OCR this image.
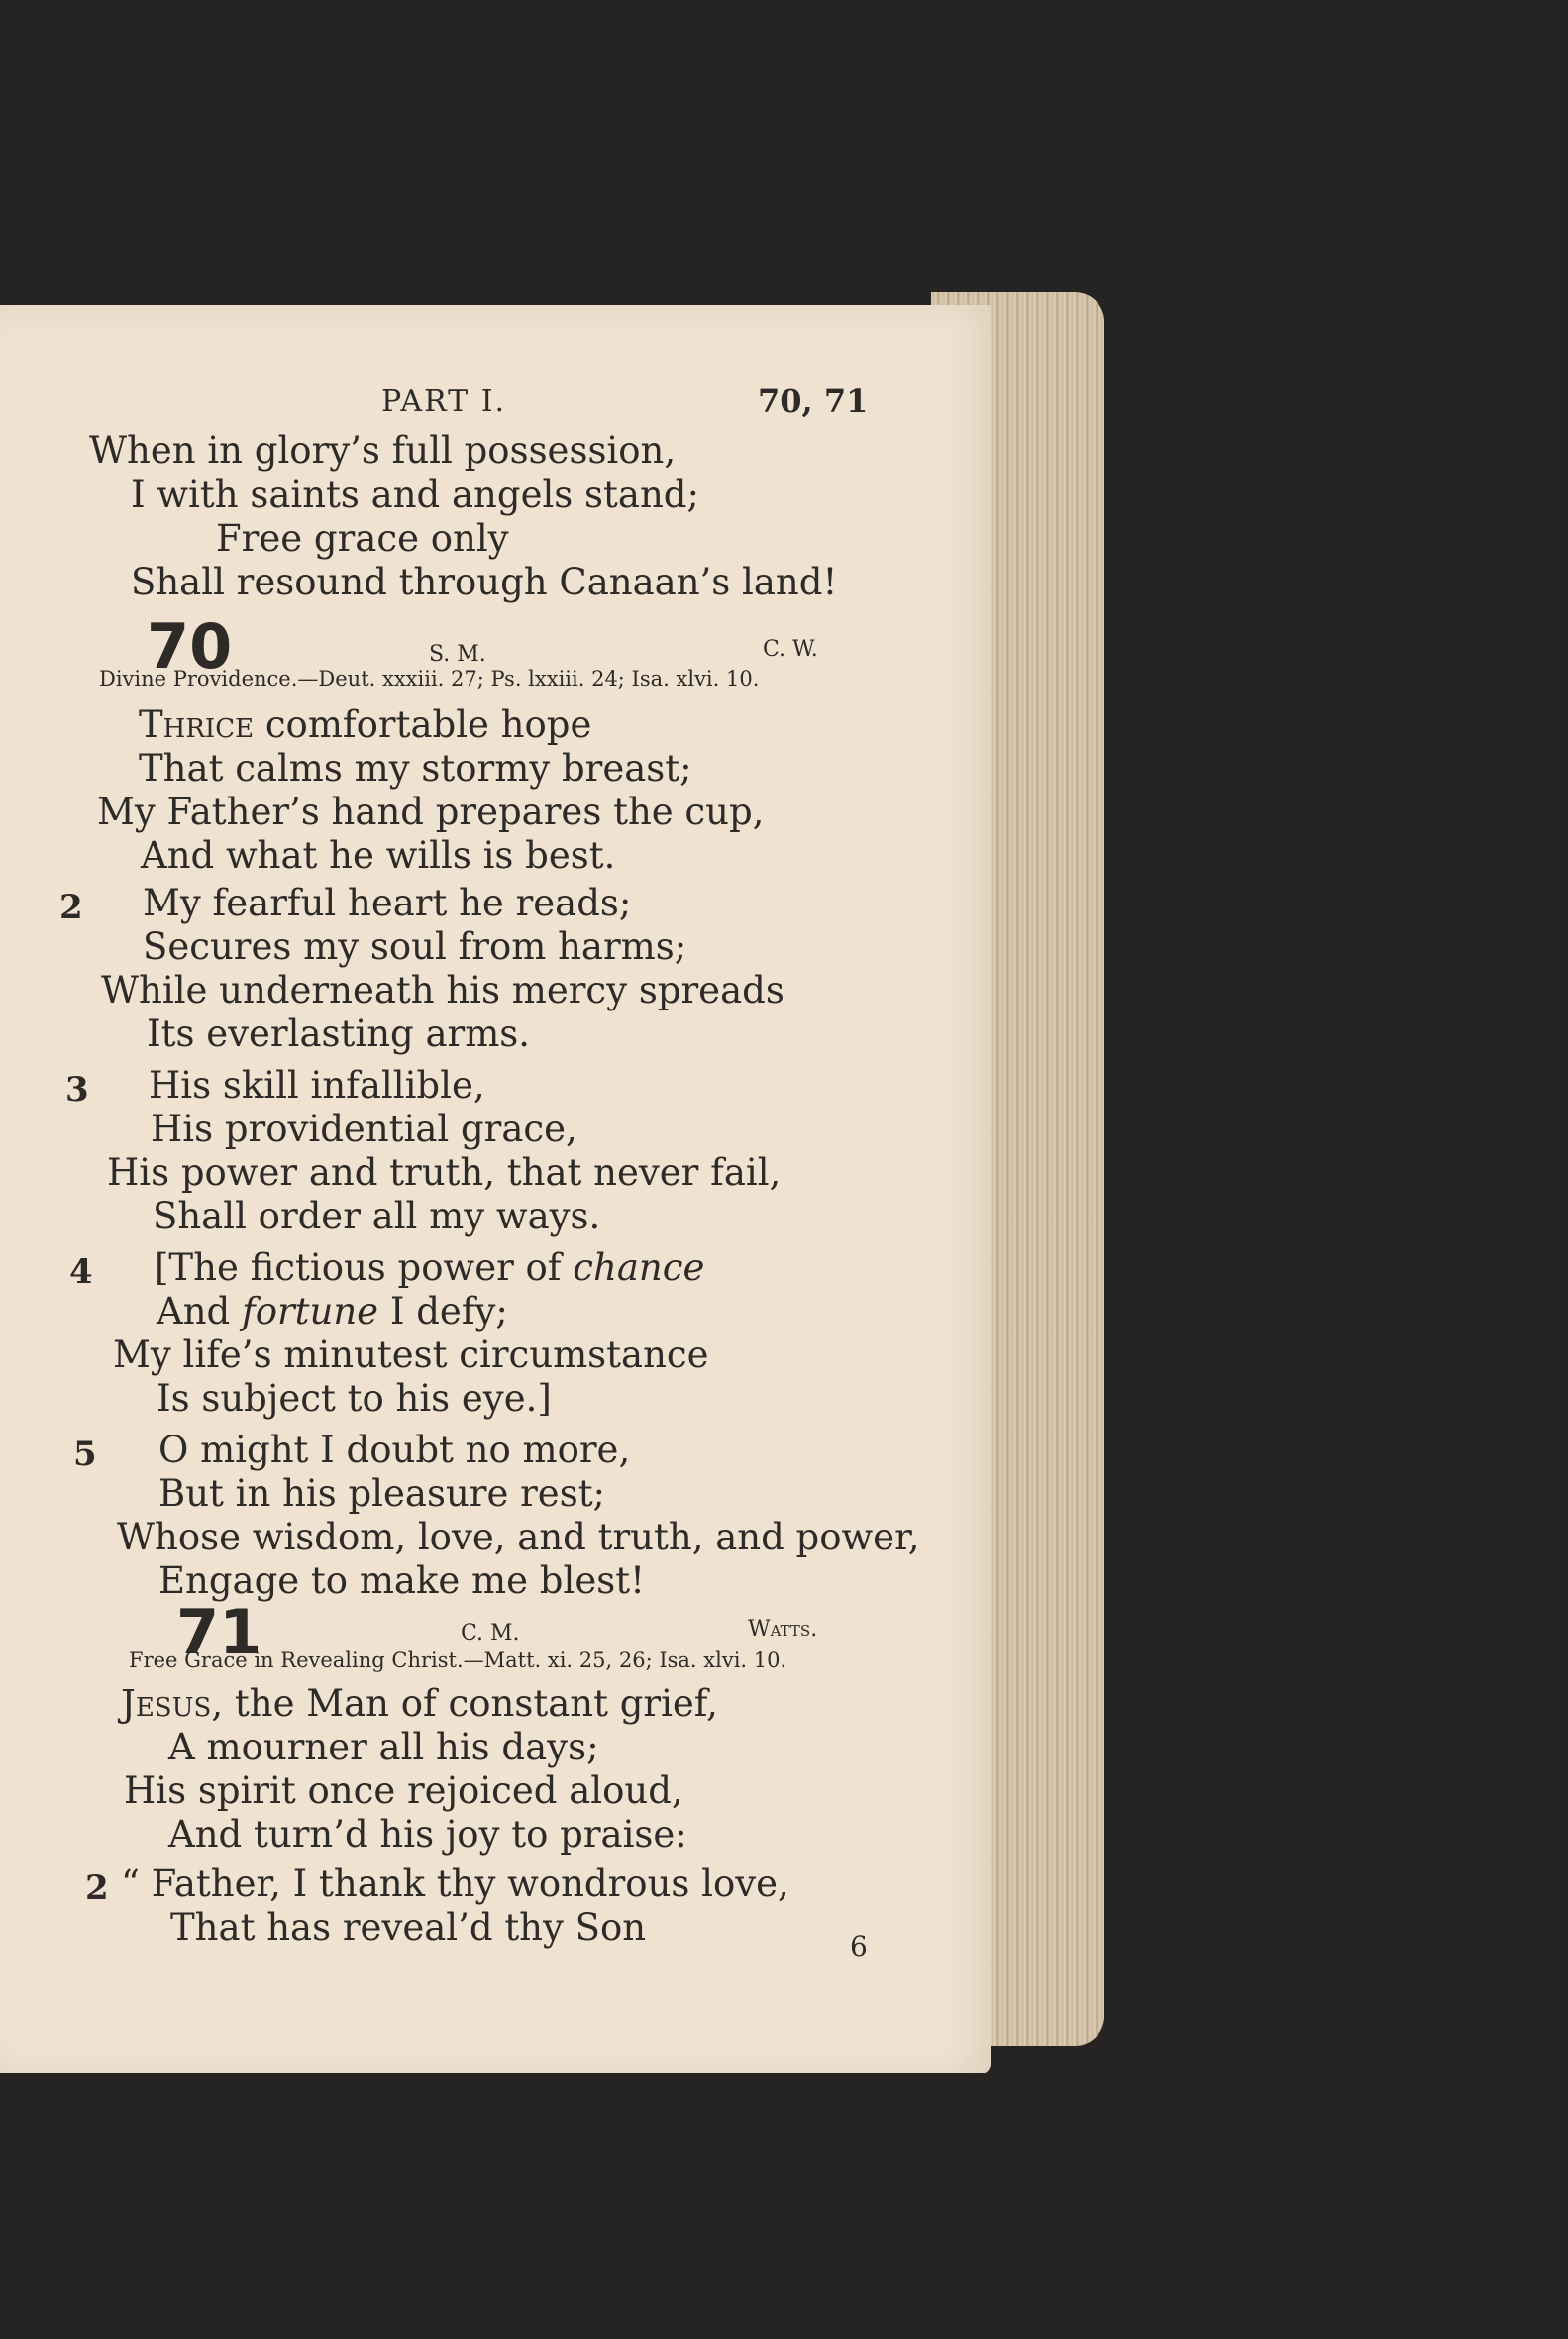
PART I.	70, 71
When in glory’s full possession,
I with saints and angels stand;
Free grace only
Shall resound through Canaan’s land!
70	S. M.	C. W.
Divine Providence.—Deut. xxxiii. 27; Ps. lxxiii. 24; Isa. xlvi. 10.
Thrice comfortable hope
That calms my stormy breast;
My Father’s hand prepares the cup,
And what he wills is best.
2 My fearful heart he reads;
Secures my soul from harms;
While underneath his mercy spreads
Its everlasting arms.
3 His skill infallible,
His providential grace,
His power and truth, that never fail,
Shall order all my ways.
4 [The fictious power of chance
And fortune I defy;
My life’s minutest circumstance
Is subject to his eye.]
5 O might I doubt no more,
But in his pleasure rest;
Whose wisdom, love, and truth, and power,
Engage to make me blest!
71	C. M.	Watts.
Free Grace in Revealing Christ.—Matt. xi. 25, 26; Isa. xlvi. 10.
Jesus, the Man of constant grief,
A mourner all his days;
His spirit once rejoiced aloud,
And turn’d his joy to praise:
2 “ Father, I thank thy wondrous love,
That has reveal’d thy Son	6
